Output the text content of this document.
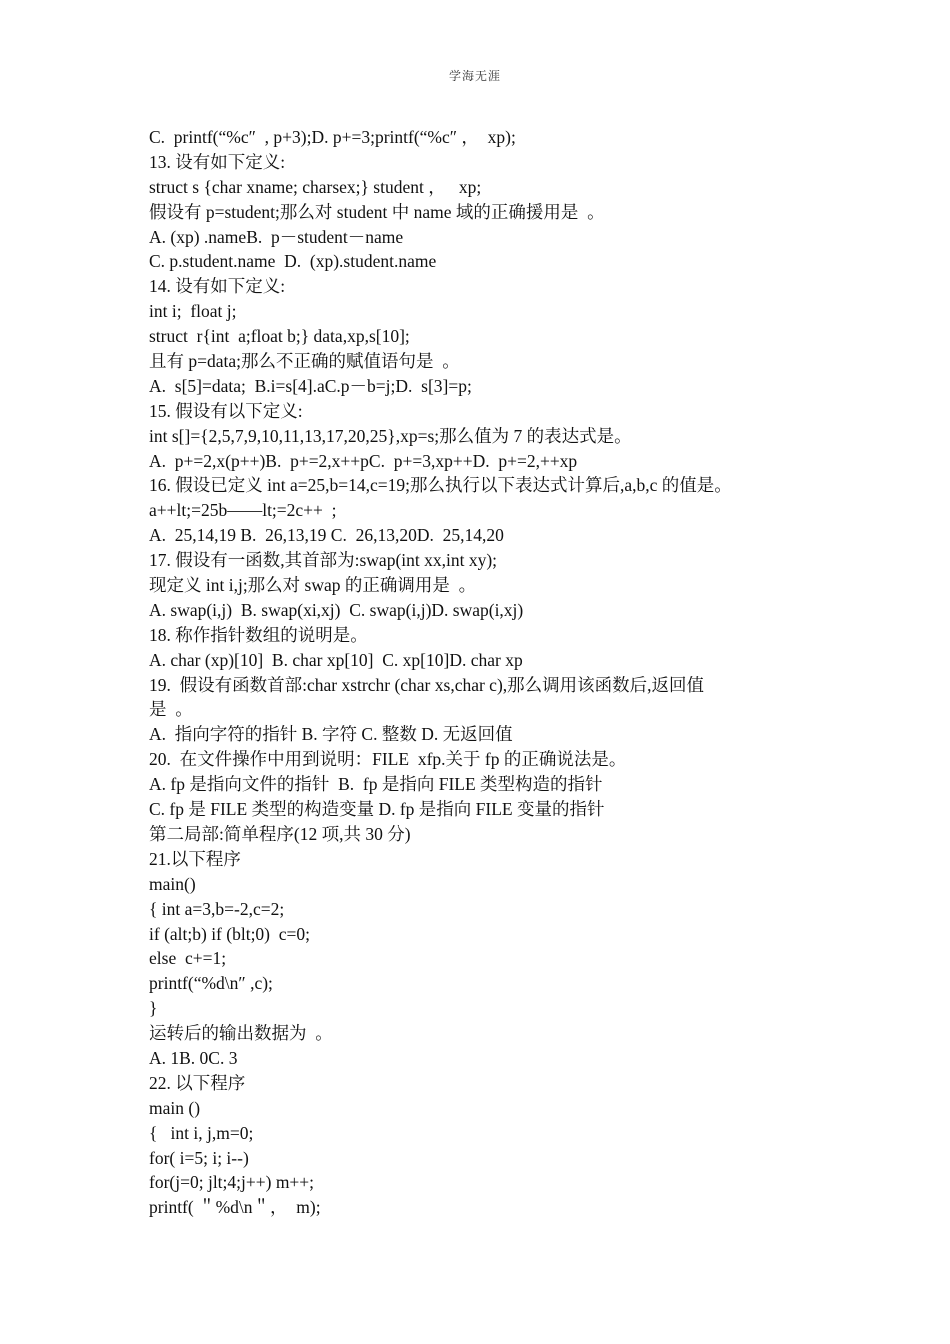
学海无涯
C.  printf(“%c″  , p+3);D. p+=3;printf(“%c″ ，  xp);
13. 设有如下定义:
struct s {char xname; charsex;} student ，   xp;
假设有 p=student;那么对 student 中 name 域的正确援用是  。
A. (xp) .nameB.  p－student－name
C. p.student.name  D.  (xp).student.name
14. 设有如下定义:
int i;  float j;
struct  r{int  a;float b;} data,xp,s[10];
且有 p=data;那么不正确的赋值语句是  。
A.  s[5]=data;  B.i=s[4].aC.p－b=j;D.  s[3]=p;
15. 假设有以下定义:
int s[]={2,5,7,9,10,11,13,17,20,25},xp=s;那么值为 7 的表达式是。
A.  p+=2,x(p++)B.  p+=2,x++pC.  p+=3,xp++D.  p+=2,++xp
16. 假设已定义 int a=25,b=14,c=19;那么执行以下表达式计算后,a,b,c 的值是。
a++lt;=25b——lt;=2c++  ;
A.  25,14,19 B.  26,13,19 C.  26,13,20D.  25,14,20
17. 假设有一函数,其首部为:swap(int xx,int xy);
现定义 int i,j;那么对 swap 的正确调用是  。
A. swap(i,j)  B. swap(xi,xj)  C. swap(i,j)D. swap(i,xj)
18. 称作指针数组的说明是。
A. char (xp)[10]  B. char xp[10]  C. xp[10]D. char xp
19.  假设有函数首部:char xstrchr (char xs,char c),那么调用该函数后,返回值
是  。
A.  指向字符的指针 B. 字符 C. 整数 D. 无返回值
20.  在文件操作中用到说明：FILE  xfp.关于 fp 的正确说法是。
A. fp 是指向文件的指针  B.  fp 是指向 FILE 类型构造的指针
C. fp 是 FILE 类型的构造变量 D. fp 是指向 FILE 变量的指针
第二局部:简单程序(12 项,共 30 分)
21.以下程序
main()
{ int a=3,b=-2,c=2;
if (alt;b) if (blt;0)  c=0;
else  c+=1;
printf(“%d\n″ ,c);
}
运转后的输出数据为  。
A. 1B. 0C. 3
22. 以下程序
main ()
{   int i, j,m=0;
for( i=5; i; i--)
for(j=0; jlt;4;j++) m++;
printf( ＂%d\n＂，  m);
